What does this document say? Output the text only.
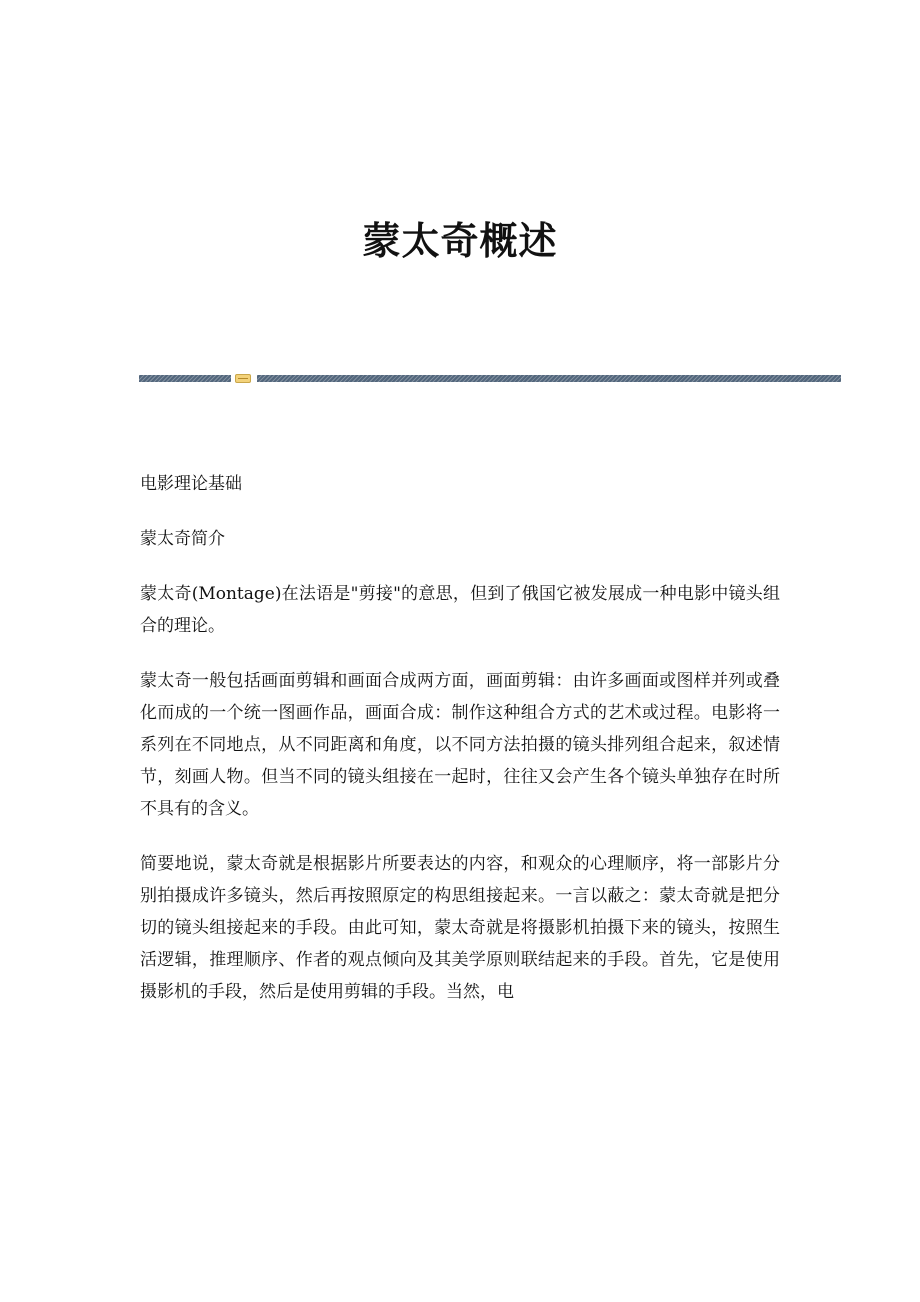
蒙太奇概述

电影理论基础

蒙太奇简介

蒙太奇(Montage)在法语是"剪接"的意思，但到了俄国它被发展成一种电影中镜头组合的理论。

蒙太奇一般包括画面剪辑和画面合成两方面，画面剪辑：由许多画面或图样并列或叠化而成的一个统一图画作品，画面合成：制作这种组合方式的艺术或过程。电影将一系列在不同地点，从不同距离和角度，以不同方法拍摄的镜头排列组合起来，叙述情节，刻画人物。但当不同的镜头组接在一起时，往往又会产生各个镜头单独存在时所不具有的含义。

简要地说，蒙太奇就是根据影片所要表达的内容，和观众的心理顺序，将一部影片分别拍摄成许多镜头，然后再按照原定的构思组接起来。一言以蔽之：蒙太奇就是把分切的镜头组接起来的手段。由此可知，蒙太奇就是将摄影机拍摄下来的镜头，按照生活逻辑，推理顺序、作者的观点倾向及其美学原则联结起来的手段。首先，它是使用摄影机的手段，然后是使用剪辑的手段。当然，电
